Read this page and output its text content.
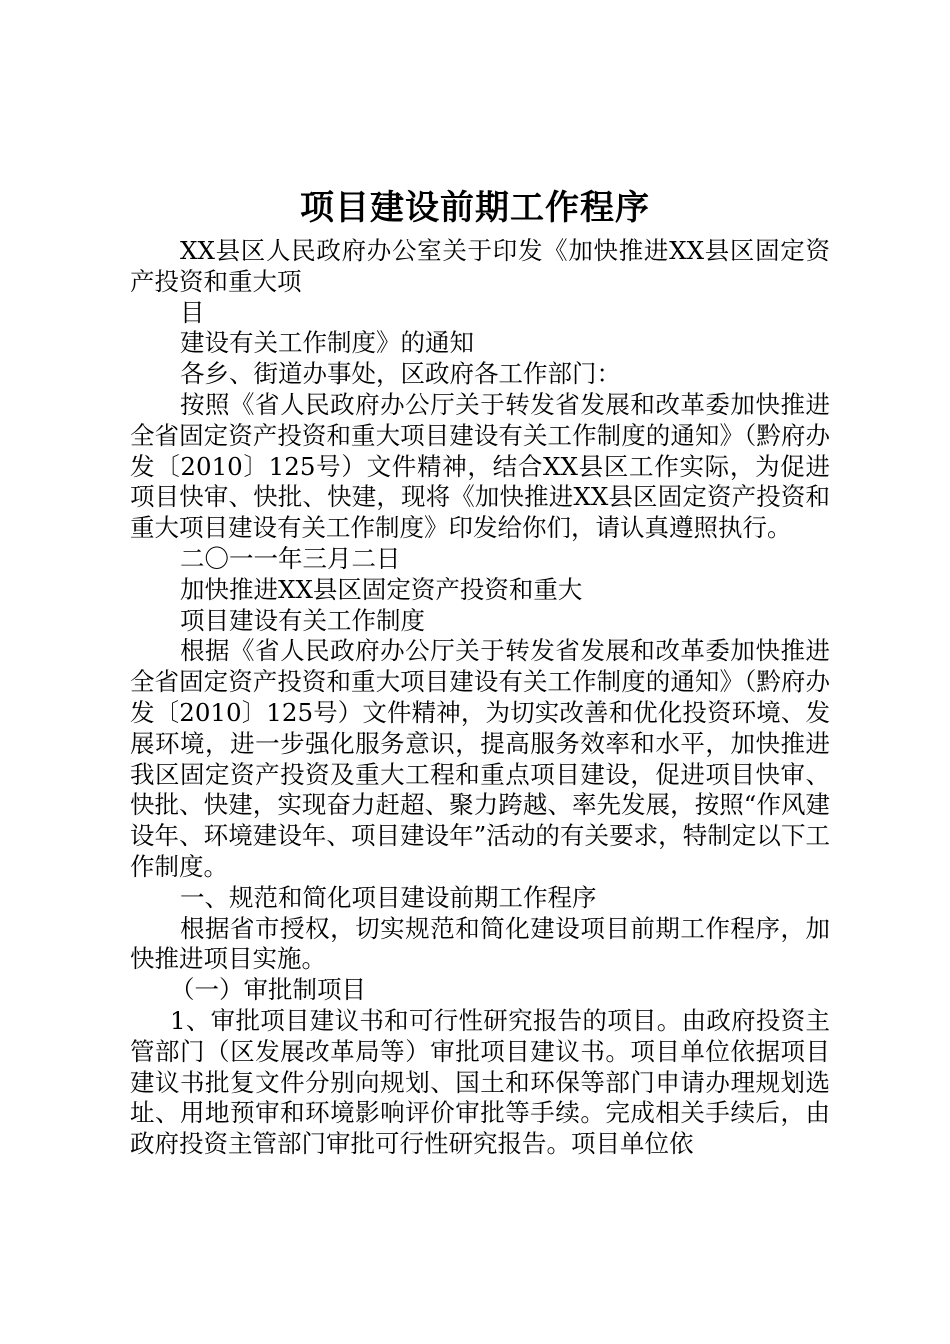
项目建设前期工作程序

XX县区人民政府办公室关于印发《加快推进XX县区固定资产投资和重大项

目

建设有关工作制度》的通知

各乡、街道办事处，区政府各工作部门：

按照《省人民政府办公厅关于转发省发展和改革委加快推进全省固定资产投资和重大项目建设有关工作制度的通知》（黔府办发〔2010〕125号）文件精神，结合XX县区工作实际，为促进项目快审、快批、快建，现将《加快推进XX县区固定资产投资和重大项目建设有关工作制度》印发给你们，请认真遵照执行。

二〇一一年三月二日

加快推进XX县区固定资产投资和重大

项目建设有关工作制度

根据《省人民政府办公厅关于转发省发展和改革委加快推进全省固定资产投资和重大项目建设有关工作制度的通知》（黔府办发〔2010〕125号）文件精神，为切实改善和优化投资环境、发展环境，进一步强化服务意识，提高服务效率和水平，加快推进我区固定资产投资及重大工程和重点项目建设，促进项目快审、快批、快建，实现奋力赶超、聚力跨越、率先发展，按照“作风建设年、环境建设年、项目建设年”活动的有关要求，特制定以下工作制度。

一、规范和简化项目建设前期工作程序

根据省市授权，切实规范和简化建设项目前期工作程序，加快推进项目实施。

（一）审批制项目

1、审批项目建议书和可行性研究报告的项目。由政府投资主管部门（区发展改革局等）审批项目建议书。项目单位依据项目建议书批复文件分别向规划、国土和环保等部门申请办理规划选址、用地预审和环境影响评价审批等手续。完成相关手续后，由政府投资主管部门审批可行性研究报告。项目单位依
